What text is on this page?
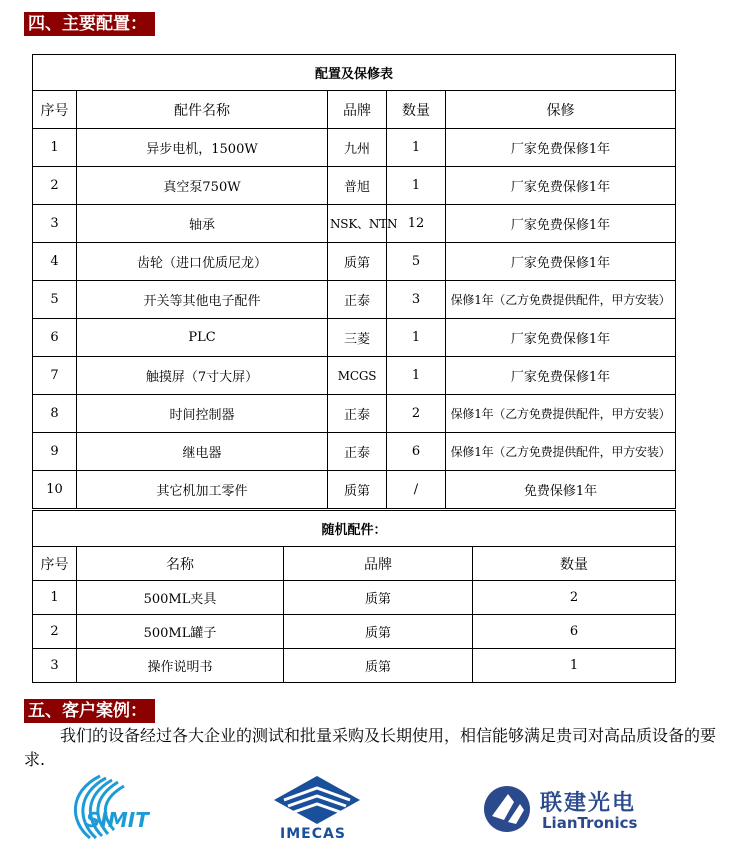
四、主要配置：
配置及保修表				
序号	配件名称	品牌	数量	保修
1	异步电机，1500W	九州	1	厂家免费保修1年
2	真空泵750W	普旭	1	厂家免费保修1年
3	轴承	NSK、NTN	12	厂家免费保修1年
4	齿轮（进口优质尼龙）	质第	5	厂家免费保修1年
5	开关等其他电子配件	正泰	3	保修1年（乙方免费提供配件，甲方安装）
6	PLC	三菱	1	厂家免费保修1年
7	触摸屏（7寸大屏）	MCGS	1	厂家免费保修1年
8	时间控制器	正泰	2	保修1年（乙方免费提供配件，甲方安装）
9	继电器	正泰	6	保修1年（乙方免费提供配件，甲方安装）
10	其它机加工零件	质第	/	免费保修1年
随机配件：			
序号	名称	品牌	数量
1	500ML夹具	质第	2
2	500ML罐子	质第	6
3	操作说明书	质第	1
五、客户案例：
我们的设备经过各大企业的测试和批量采购及长期使用，相信能够满足贵司对高品质设备的要求.
SIMIT
IMECAS
联建光电
LianTronics
